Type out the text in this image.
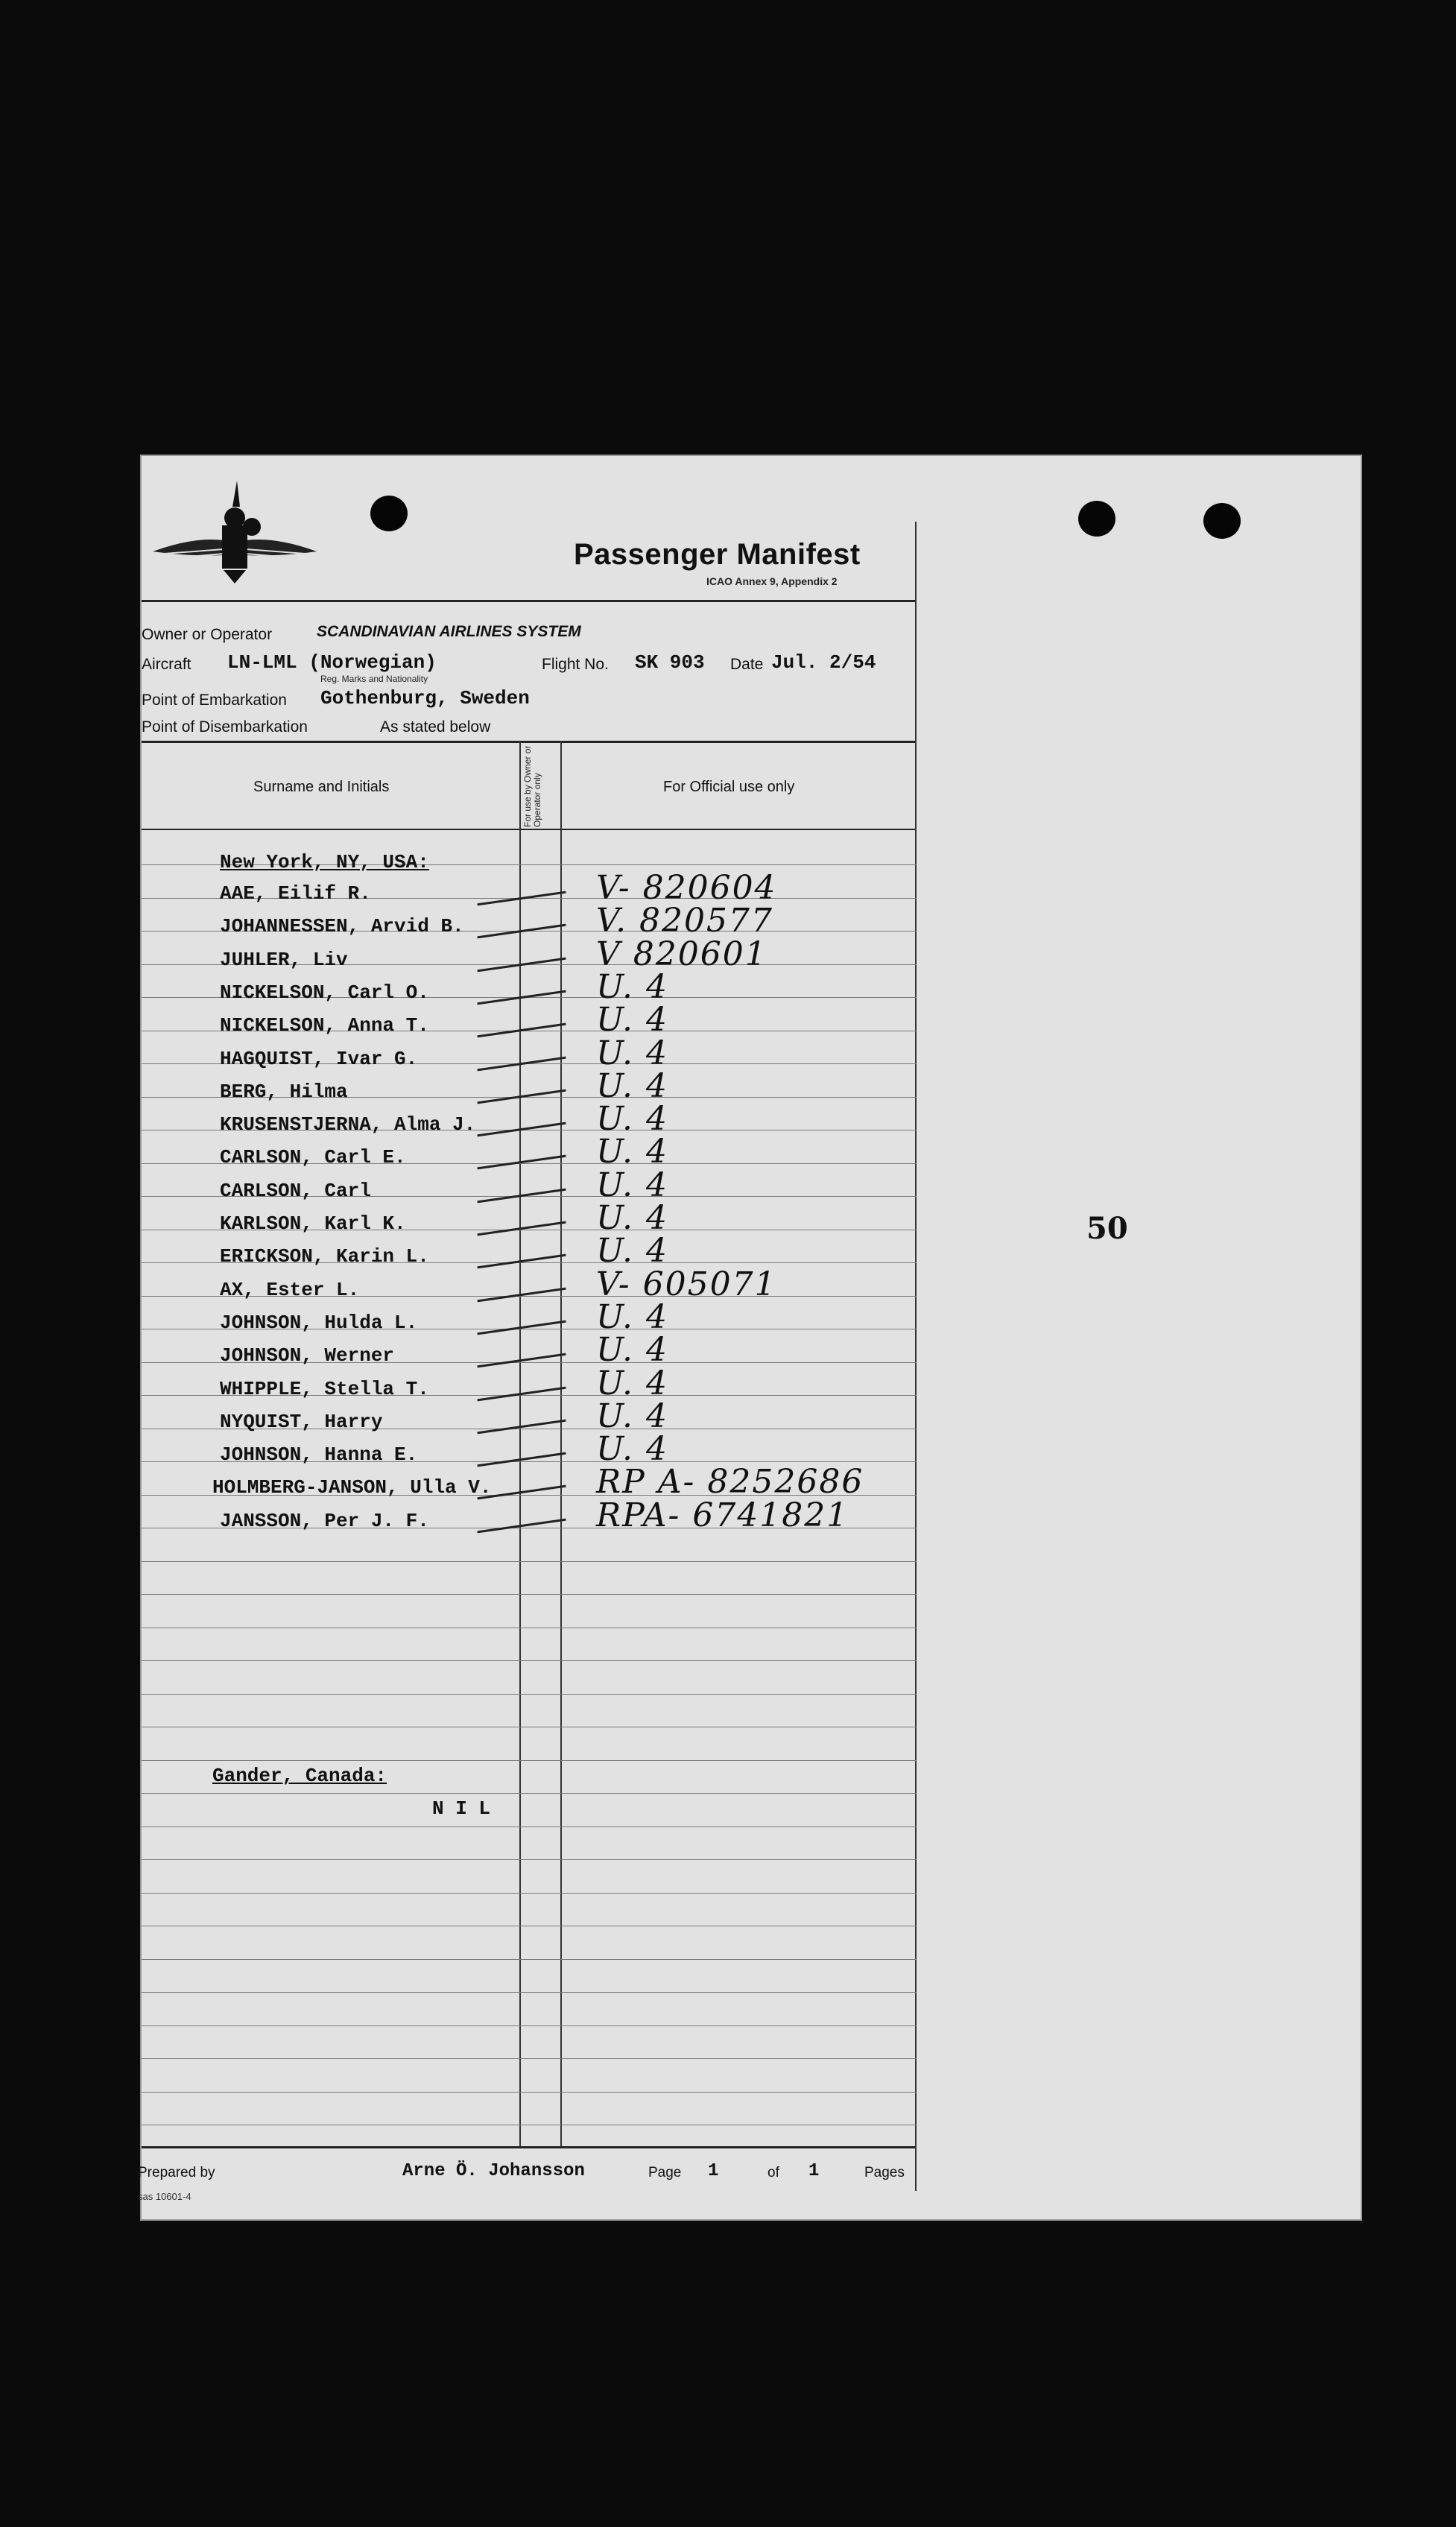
Passenger Manifest
ICAO Annex 9, Appendix 2
Owner or Operator	SCANDINAVIAN AIRLINES SYSTEM
Aircraft LN-LML (Norwegian)
Reg. Marks and Nationality
Flight No. SK 903 Date Jul. 2/54
Point of Embarkation Gothenburg, Sweden
Point of Disembarkation	As stated below
Surname and Initials	For use by Owner or Operator only	For Official use only
New York, NY, USA:
AAE, Eilif R.	V- 820604
JOHANNESSEN, Arvid B.	V. 820577
JUHLER, Liv	V 820601
NICKELSON, Carl O.	U. 4
NICKELSON, Anna T.	U. 4
HAGQUIST, Ivar G.	U. 4
BERG, Hilma	U. 4
KRUSENSTJERNA, Alma J.	U. 4
CARLSON, Carl E.	U. 4
CARLSON, Carl	U. 4
KARLSON, Karl K.	U. 4
ERICKSON, Karin L.	U. 4
AX, Ester L.	V- 605071
JOHNSON, Hulda L.	U. 4
JOHNSON, Werner	U. 4
WHIPPLE, Stella T.	U. 4
NYQUIST, Harry	U. 4
JOHNSON, Hanna E.	U. 4
HOLMBERG-JANSON, Ulla V.	RP A- 8252686
JANSSON, Per J. F.	RPA- 6741821
Gander, Canada:
N I L
Prepared by	Arne Ö. Johansson	Page 1	of 1	Pages
sas 10601-4
50
